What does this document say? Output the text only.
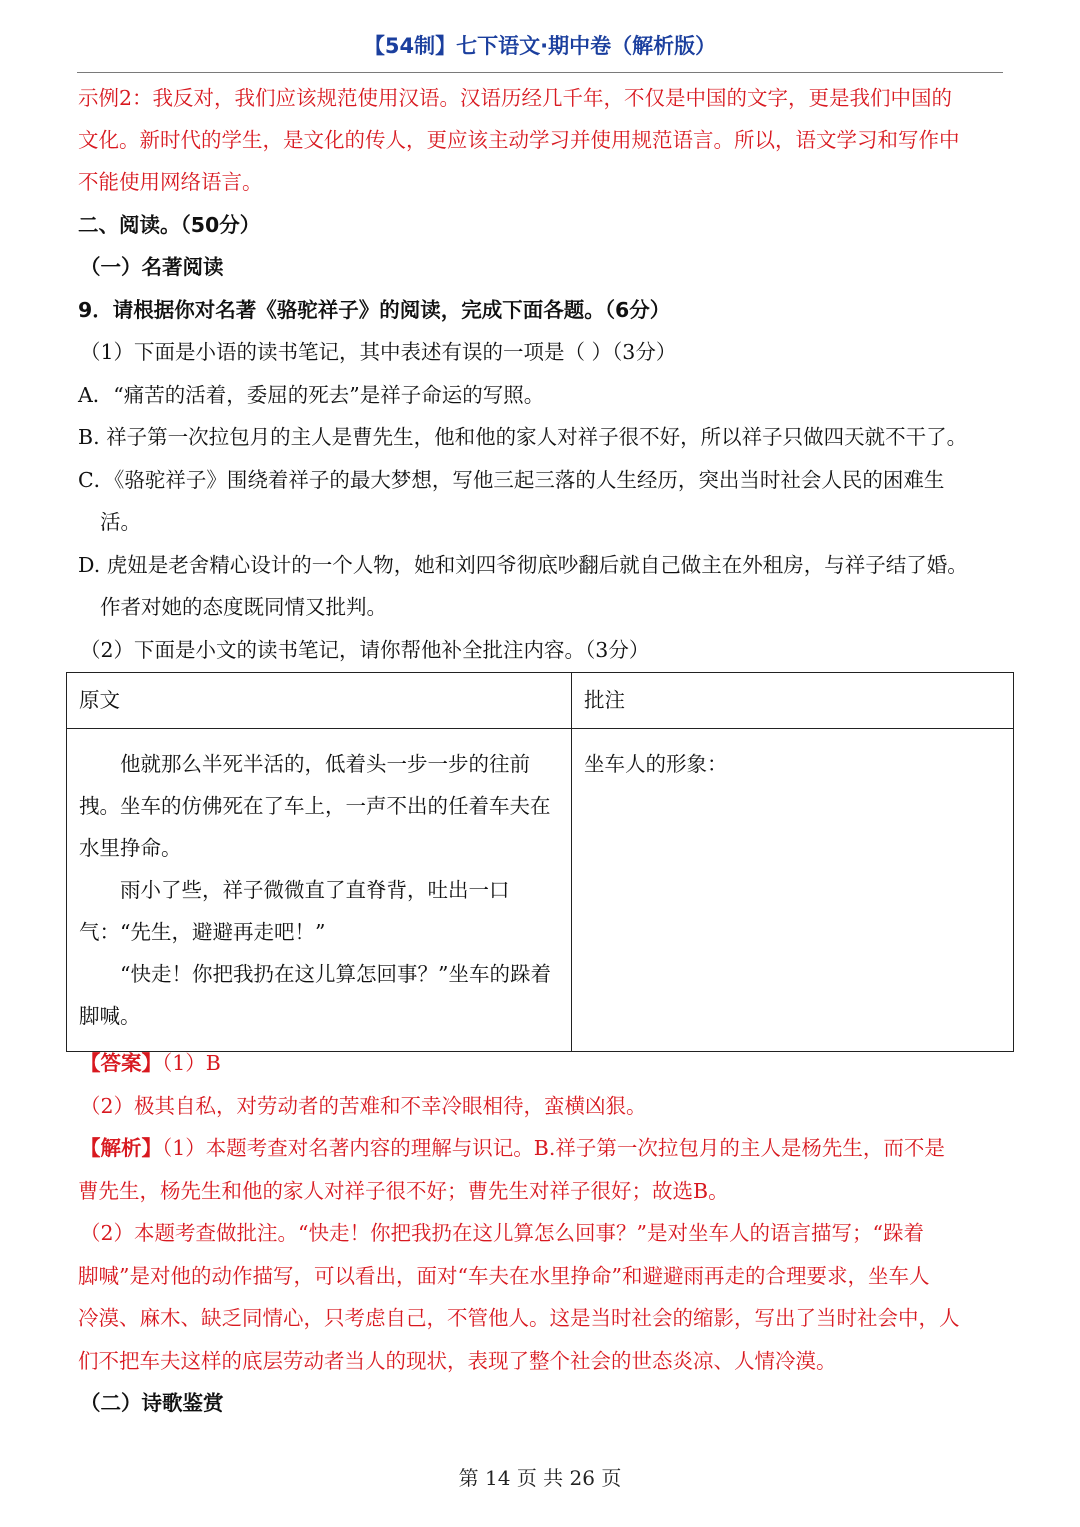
【54制】七下语文·期中卷（解析版）
示例2：我反对，我们应该规范使用汉语。汉语历经几千年，不仅是中国的文字，更是我们中国的
文化。新时代的学生，是文化的传人，更应该主动学习并使用规范语言。所以，语文学习和写作中
不能使用网络语言。
二、阅读。（50分）
（一）名著阅读
9．请根据你对名著《骆驼祥子》的阅读，完成下面各题。（6分）
（1）下面是小语的读书笔记，其中表述有误的一项是（ ）（3分）
A．“痛苦的活着，委屈的死去”是祥子命运的写照。
B. 祥子第一次拉包月的主人是曹先生，他和他的家人对祥子很不好，所以祥子只做四天就不干了。
C．《骆驼祥子》围绕着祥子的最大梦想，写他三起三落的人生经历，突出当时社会人民的困难生
活。
D. 虎妞是老舍精心设计的一个人物，她和刘四爷彻底吵翻后就自己做主在外租房，与祥子结了婚。
作者对她的态度既同情又批判。
（2）下面是小文的读书笔记，请你帮他补全批注内容。（3分）
原文	批注

他就那么半死半活的，低着头一步一步的往前拽。坐车的仿佛死在了车上，一声不出的任着车夫在水里挣命。
雨小了些，祥子微微直了直脊背，吐出一口气：“先生，避避再走吧！”
“快走！你把我扔在这儿算怎回事？”坐车的跺着脚喊。	坐车人的形象：
【答案】（1）B
（2）极其自私，对劳动者的苦难和不幸冷眼相待，蛮横凶狠。
【解析】（1）本题考查对名著内容的理解与识记。B.祥子第一次拉包月的主人是杨先生，而不是
曹先生，杨先生和他的家人对祥子很不好；曹先生对祥子很好；故选B。
（2）本题考查做批注。“快走！你把我扔在这儿算怎么回事？”是对坐车人的语言描写；“跺着
脚喊”是对他的动作描写，可以看出，面对“车夫在水里挣命”和避避雨再走的合理要求，坐车人
冷漠、麻木、缺乏同情心，只考虑自己，不管他人。这是当时社会的缩影，写出了当时社会中，人
们不把车夫这样的底层劳动者当人的现状，表现了整个社会的世态炎凉、人情冷漠。
（二）诗歌鉴赏
第 14 页 共 26 页
